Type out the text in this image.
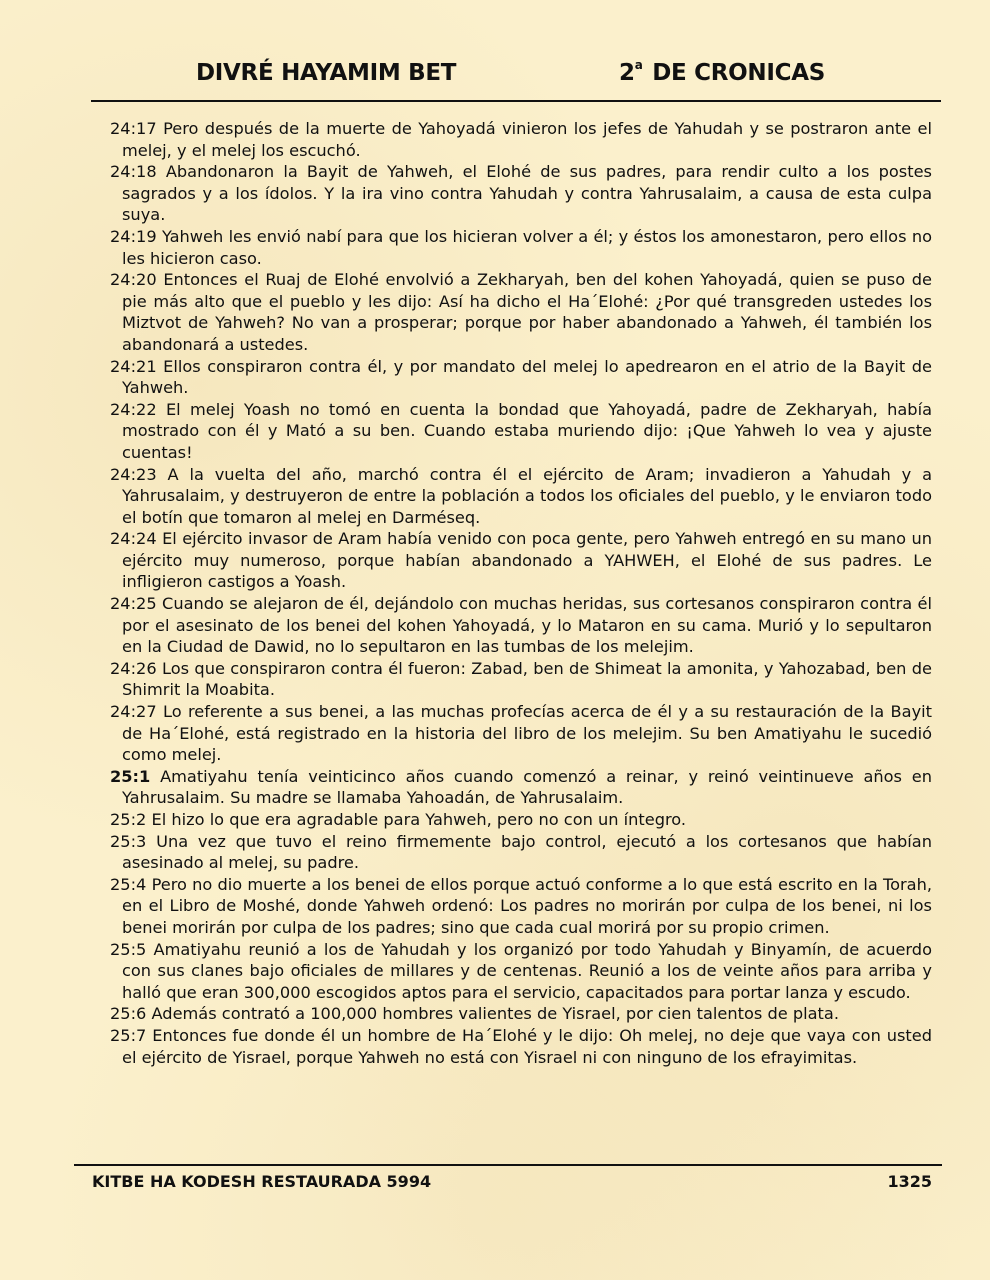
DIVRÉ HAYAMIM BET	2$^a$ DE CRONICAS

24:17 Pero después de la muerte de Yahoyadá vinieron los jefes de Yahudah y se postraron ante el melej, y el melej los escuchó.

24:18 Abandonaron la Bayit de Yahweh, el Elohé de sus padres, para rendir culto a los postes sagrados y a los ídolos. Y la ira vino contra Yahudah y contra Yahrusalaim, a causa de esta culpa suya.

24:19 Yahweh les envió nabí para que los hicieran volver a él; y éstos los amonestaron, pero ellos no les hicieron caso.

24:20 Entonces el Ruaj de Elohé envolvió a Zekharyah, ben del kohen Yahoyadá, quien se puso de pie más alto que el pueblo y les dijo: Así ha dicho el Ha´Elohé: ¿Por qué transgreden ustedes los Miztvot de Yahweh? No van a prosperar; porque por haber abandonado a Yahweh, él también los abandonará a ustedes.

24:21 Ellos conspiraron contra él, y por mandato del melej lo apedrearon en el atrio de la Bayit de Yahweh.

24:22 El melej Yoash no tomó en cuenta la bondad que Yahoyadá, padre de Zekharyah, había mostrado con él y Mató a su ben. Cuando estaba muriendo dijo: ¡Que Yahweh lo vea y ajuste cuentas!

24:23 A la vuelta del año, marchó contra él el ejército de Aram; invadieron a Yahudah y a Yahrusalaim, y destruyeron de entre la población a todos los oficiales del pueblo, y le enviaron todo el botín que tomaron al melej en Darméseq.

24:24 El ejército invasor de Aram había venido con poca gente, pero Yahweh entregó en su mano un ejército muy numeroso, porque habían abandonado a YAHWEH, el Elohé de sus padres. Le infligieron castigos a Yoash.

24:25 Cuando se alejaron de él, dejándolo con muchas heridas, sus cortesanos conspiraron contra él por el asesinato de los benei del kohen Yahoyadá, y lo Mataron en su cama. Murió y lo sepultaron en la Ciudad de Dawid, no lo sepultaron en las tumbas de los melejim.

24:26 Los que conspiraron contra él fueron: Zabad, ben de Shimeat la amonita, y Yahozabad, ben de Shimrit la Moabita.

24:27 Lo referente a sus benei, a las muchas profecías acerca de él y a su restauración de la Bayit de Ha´Elohé, está registrado en la historia del libro de los melejim. Su ben Amatiyahu le sucedió como melej.

25:1 Amatiyahu tenía veinticinco años cuando comenzó a reinar, y reinó veintinueve años en Yahrusalaim. Su madre se llamaba Yahoadán, de Yahrusalaim.

25:2 El hizo lo que era agradable para Yahweh, pero no con un íntegro.

25:3 Una vez que tuvo el reino firmemente bajo control, ejecutó a los cortesanos que habían asesinado al melej, su padre.

25:4 Pero no dio muerte a los benei de ellos porque actuó conforme a lo que está escrito en la Torah, en el Libro de Moshé, donde Yahweh ordenó: Los padres no morirán por culpa de los benei, ni los benei morirán por culpa de los padres; sino que cada cual morirá por su propio crimen.

25:5 Amatiyahu reunió a los de Yahudah y los organizó por todo Yahudah y Binyamín, de acuerdo con sus clanes bajo oficiales de millares y de centenas. Reunió a los de veinte años para arriba y halló que eran 300,000 escogidos aptos para el servicio, capacitados para portar lanza y escudo.

25:6 Además contrató a 100,000 hombres valientes de Yisrael, por cien talentos de plata.

25:7 Entonces fue donde él un hombre de Ha´Elohé y le dijo: Oh melej, no deje que vaya con usted el ejército de Yisrael, porque Yahweh no está con Yisrael ni con ninguno de los efrayimitas.

KITBE HA KODESH RESTAURADA 5994	1325
